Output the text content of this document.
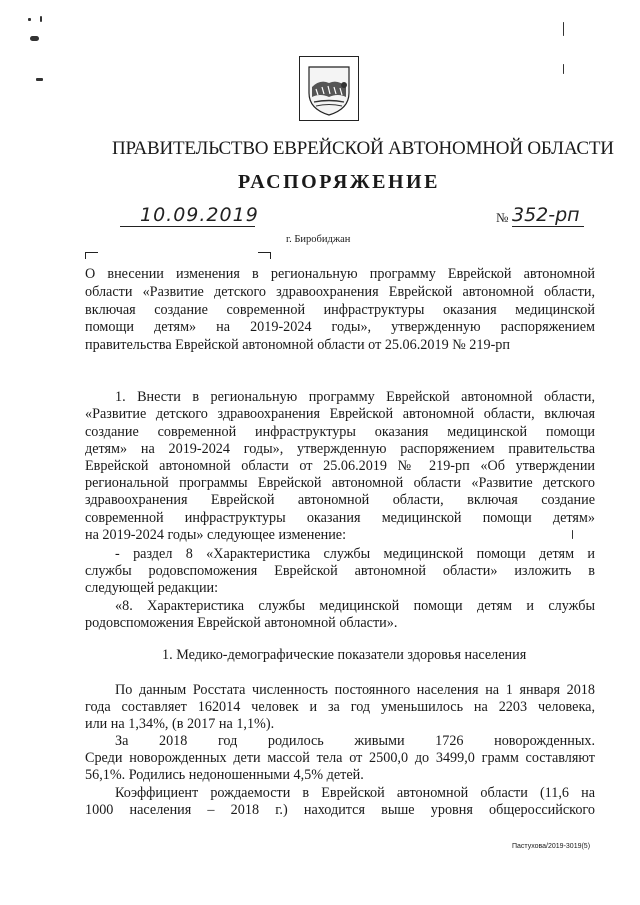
ПРАВИТЕЛЬСТВО ЕВРЕЙСКОЙ АВТОНОМНОЙ ОБЛАСТИ
РАСПОРЯЖЕНИЕ
10.09.2019	№ 352-рп
г. Биробиджан
О внесении изменения в региональную программу Еврейской автономной
области «Развитие детского здравоохранения Еврейской автономной области,
включая создание современной инфраструктуры оказания медицинской
помощи детям» на 2019-2024 годы», утвержденную распоряжением
правительства Еврейской автономной области от 25.06.2019 № 219-рп
1. Внести в региональную программу Еврейской автономной области,
«Развитие детского здравоохранения Еврейской автономной области, включая
создание современной инфраструктуры оказания медицинской помощи
детям» на 2019-2024 годы», утвержденную распоряжением правительства
Еврейской автономной области от 25.06.2019 № 219-рп «Об утверждении
региональной программы Еврейской автономной области «Развитие детского
здравоохранения Еврейской автономной области, включая создание
современной инфраструктуры оказания медицинской помощи детям»
на 2019-2024 годы» следующее изменение:
- раздел 8 «Характеристика службы медицинской помощи детям и
службы родовспоможения Еврейской автономной области» изложить в
следующей редакции:
«8. Характеристика службы медицинской помощи детям и службы
родовспоможения Еврейской автономной области».
1. Медико-демографические показатели здоровья населения
По данным Росстата численность постоянного населения на 1 января 2018
года составляет 162014 человек и за год уменьшилось на 2203 человека,
или на 1,34%, (в 2017 на 1,1%).
За 2018 год родилось живыми 1726 новорожденных.
Среди новорожденных дети массой тела от 2500,0 до 3499,0 грамм составляют
56,1%. Родились недоношенными 4,5% детей.
Коэффициент рождаемости в Еврейской автономной области (11,6 на
1000 населения – 2018 г.) находится выше уровня общероссийского
Пастухова/2019-3019(5)
